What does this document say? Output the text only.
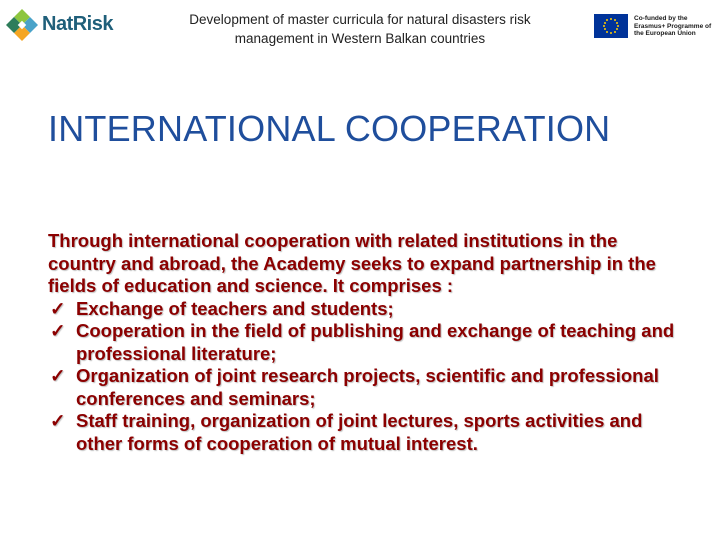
NatRisk	Development of master curricula for natural disasters risk management in Western Balkan countries
Co-funded by the Erasmus+ Programme of the European Union
INTERNATIONAL COOPERATION

Through international cooperation with related institutions in the country and abroad, the Academy seeks to expand partnership in the fields of education and science. It comprises :

✓ Exchange of teachers and students;
✓ Cooperation in the field of publishing and exchange of teaching and professional literature;
✓ Organization of joint research projects, scientific and professional conferences and seminars;
✓ Staff training, organization of joint lectures, sports activities and other forms of cooperation of mutual interest.
